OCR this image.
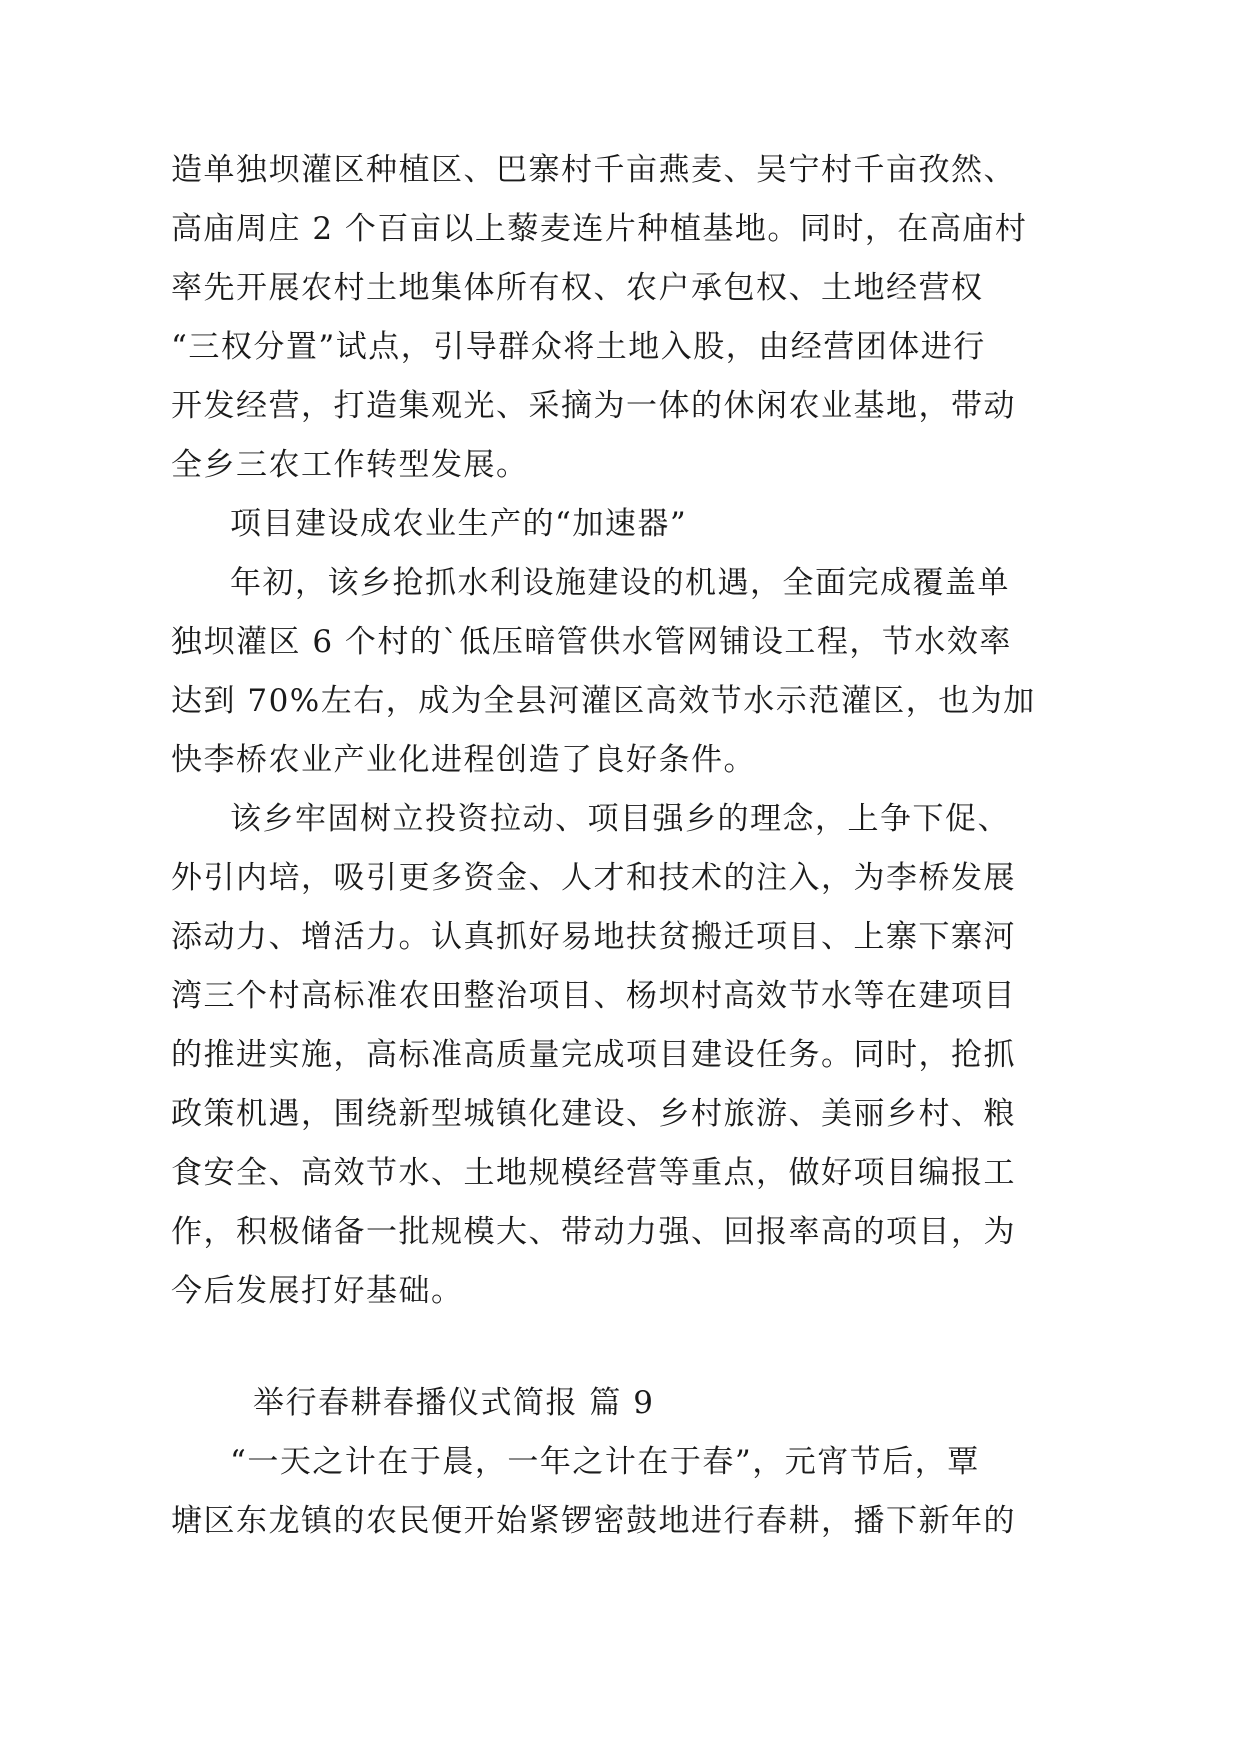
造单独坝灌区种植区、巴寨村千亩燕麦、吴宁村千亩孜然、

高庙周庄 2 个百亩以上藜麦连片种植基地。同时，在高庙村

率先开展农村土地集体所有权、农户承包权、土地经营权

“三权分置”试点，引导群众将土地入股，由经营团体进行

开发经营，打造集观光、采摘为一体的休闲农业基地，带动

全乡三农工作转型发展。

项目建设成农业生产的“加速器”

年初，该乡抢抓水利设施建设的机遇，全面完成覆盖单

独坝灌区 6 个村的`低压暗管供水管网铺设工程，节水效率

达到 70%左右，成为全县河灌区高效节水示范灌区，也为加

快李桥农业产业化进程创造了良好条件。

该乡牢固树立投资拉动、项目强乡的理念，上争下促、

外引内培，吸引更多资金、人才和技术的注入，为李桥发展

添动力、增活力。认真抓好易地扶贫搬迁项目、上寨下寨河

湾三个村高标准农田整治项目、杨坝村高效节水等在建项目

的推进实施，高标准高质量完成项目建设任务。同时，抢抓

政策机遇，围绕新型城镇化建设、乡村旅游、美丽乡村、粮

食安全、高效节水、土地规模经营等重点，做好项目编报工

作，积极储备一批规模大、带动力强、回报率高的项目，为

今后发展打好基础。

举行春耕春播仪式简报 篇 9

“一天之计在于晨，一年之计在于春”，元宵节后，覃

塘区东龙镇的农民便开始紧锣密鼓地进行春耕，播下新年的
